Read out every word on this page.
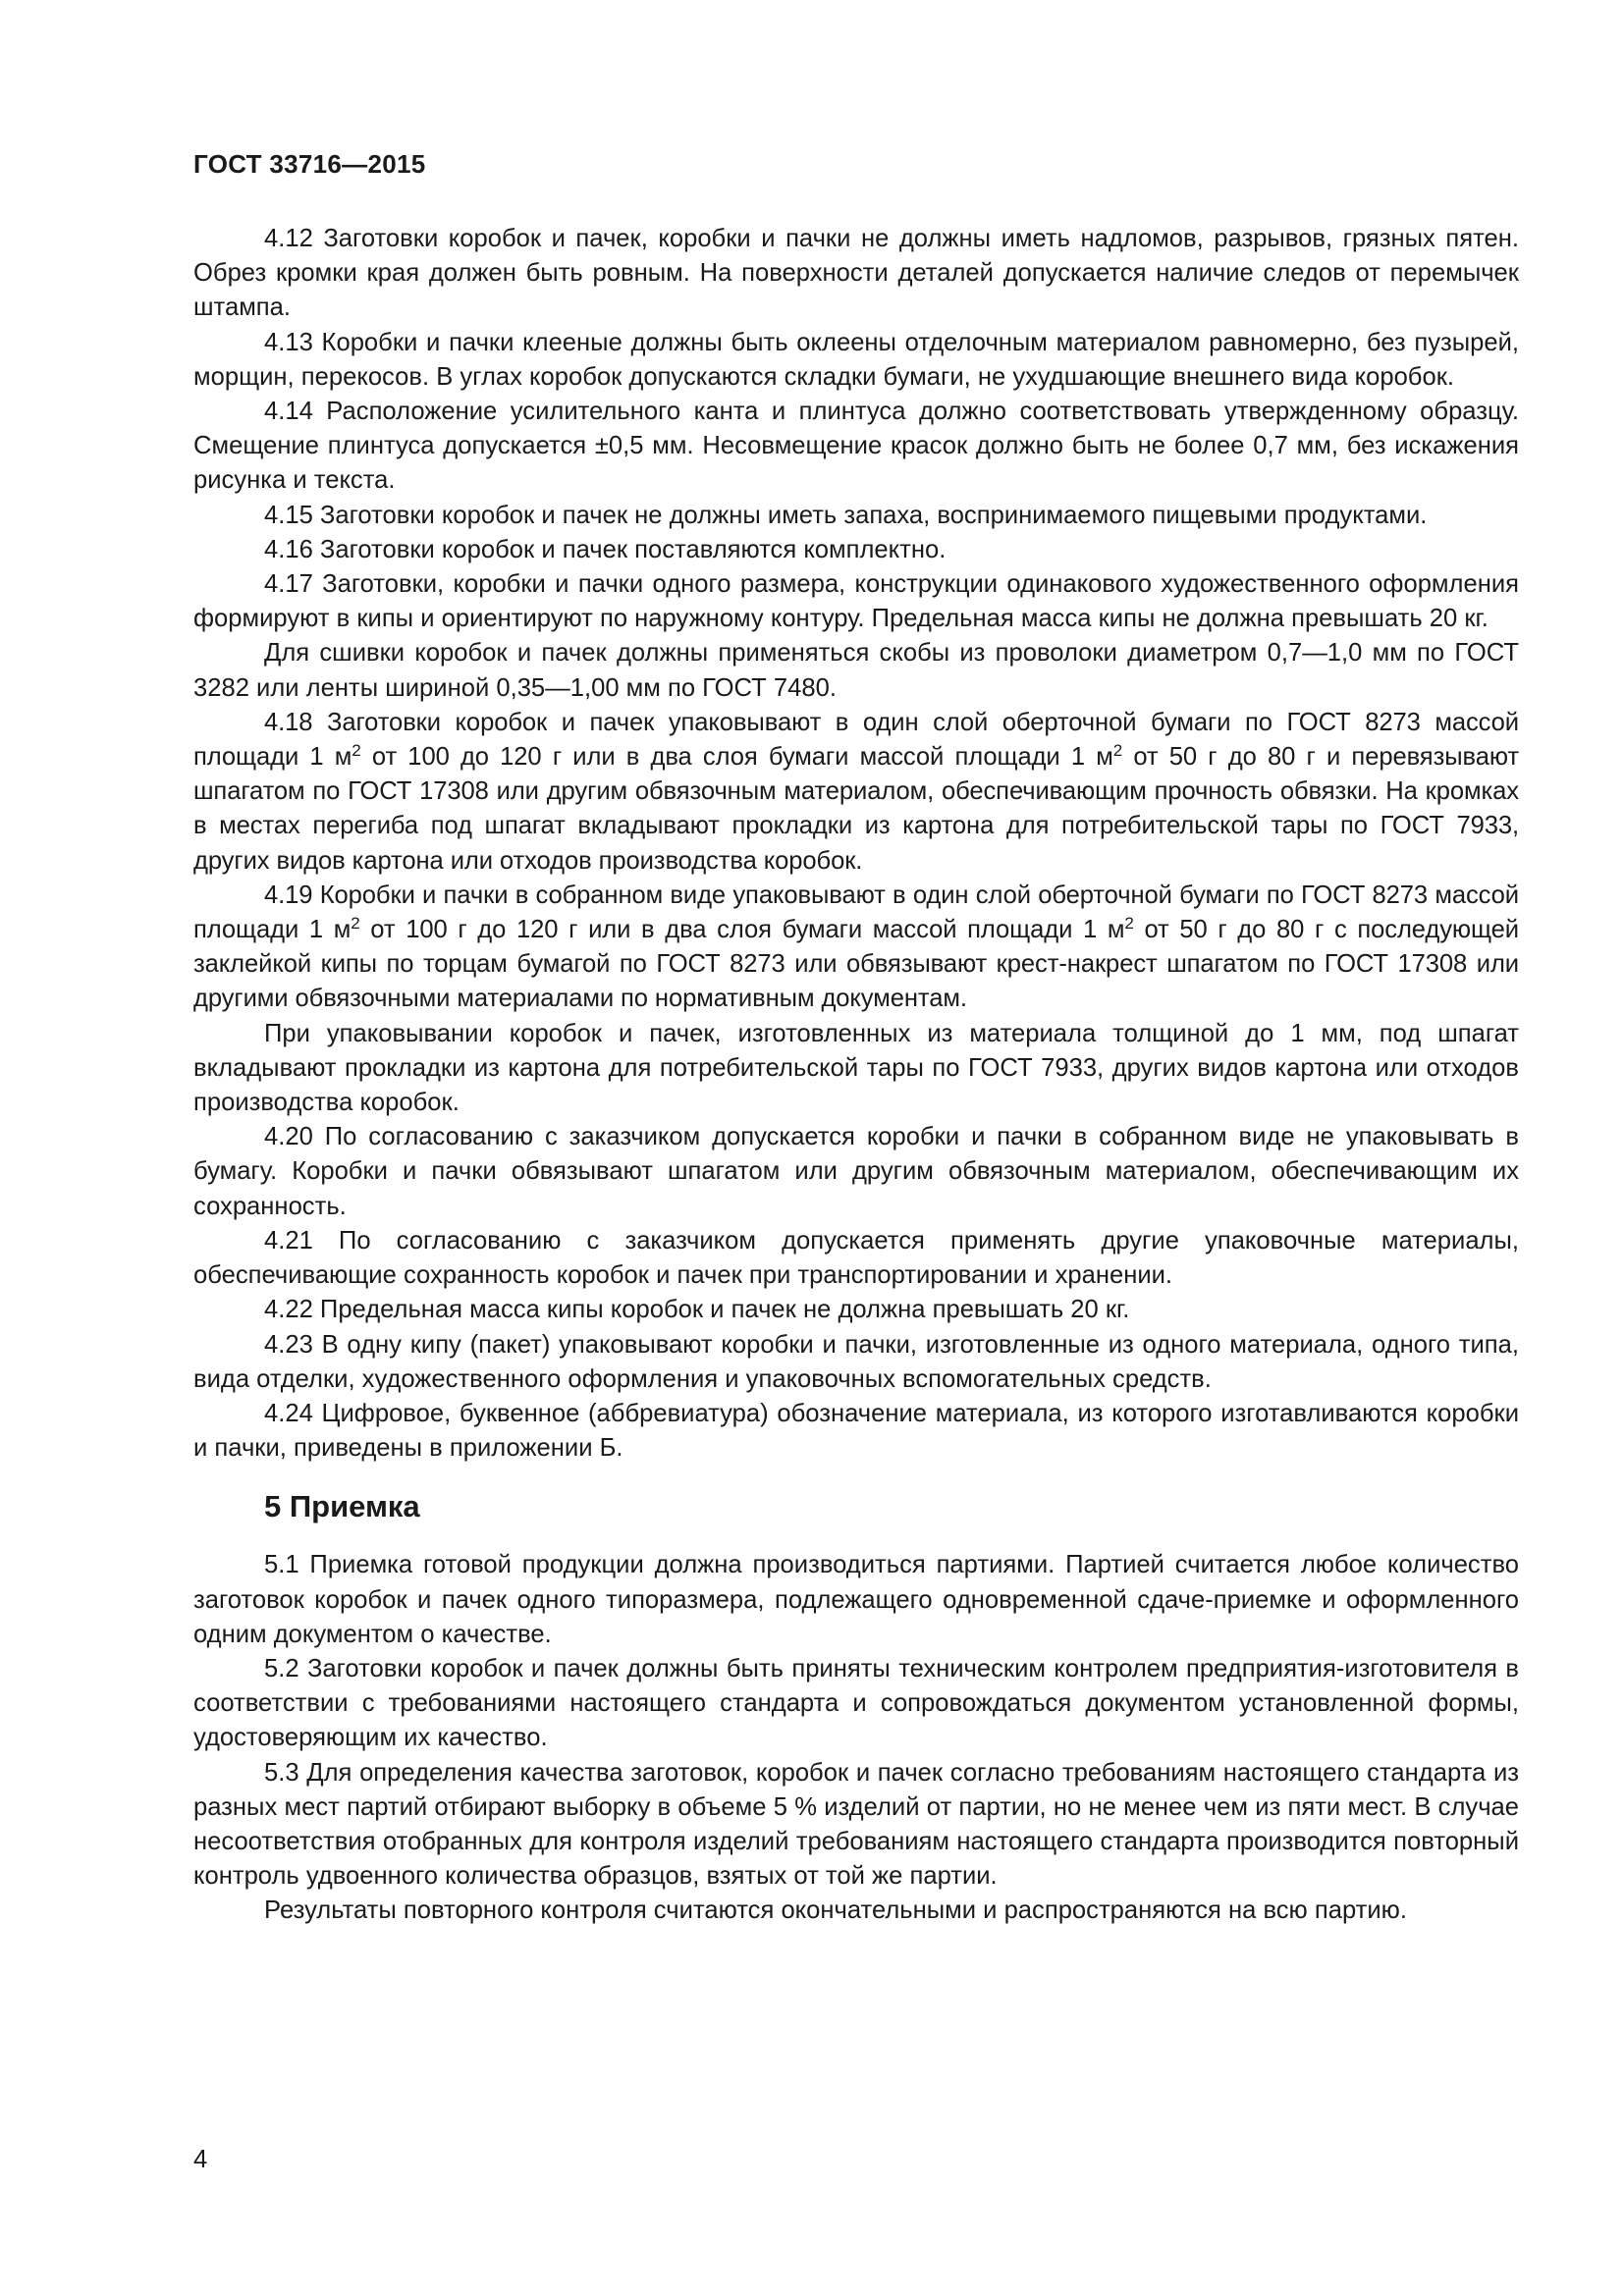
ГОСТ 33716—2015

4.12 Заготовки коробок и пачек, коробки и пачки не должны иметь надломов, разрывов, грязных пятен. Обрез кромки края должен быть ровным. На поверхности деталей допускается наличие следов от перемычек штампа.

4.13 Коробки и пачки клееные должны быть оклеены отделочным материалом равномерно, без пузырей, морщин, перекосов. В углах коробок допускаются складки бумаги, не ухудшающие внешнего вида коробок.

4.14 Расположение усилительного канта и плинтуса должно соответствовать утвержденному образцу. Смещение плинтуса допускается ±0,5 мм. Несовмещение красок должно быть не более 0,7 мм, без искажения рисунка и текста.

4.15 Заготовки коробок и пачек не должны иметь запаха, воспринимаемого пищевыми продуктами.

4.16 Заготовки коробок и пачек поставляются комплектно.

4.17 Заготовки, коробки и пачки одного размера, конструкции одинакового художественного оформления формируют в кипы и ориентируют по наружному контуру. Предельная масса кипы не должна превышать 20 кг.

Для сшивки коробок и пачек должны применяться скобы из проволоки диаметром 0,7—1,0 мм по ГОСТ 3282 или ленты шириной 0,35—1,00 мм по ГОСТ 7480.

4.18 Заготовки коробок и пачек упаковывают в один слой оберточной бумаги по ГОСТ 8273 массой площади 1 $м^2$ от 100 до 120 г или в два слоя бумаги массой площади 1 $м^2$ от 50 г до 80 г и перевязывают шпагатом по ГОСТ 17308 или другим обвязочным материалом, обеспечивающим прочность обвязки. На кромках в местах перегиба под шпагат вкладывают прокладки из картона для потребительской тары по ГОСТ 7933, других видов картона или отходов производства коробок.

4.19 Коробки и пачки в собранном виде упаковывают в один слой оберточной бумаги по ГОСТ 8273 массой площади 1 $м^2$ от 100 г до 120 г или в два слоя бумаги массой площади 1 $м^2$ от 50 г до 80 г с последующей заклейкой кипы по торцам бумагой по ГОСТ 8273 или обвязывают крест-накрест шпагатом по ГОСТ 17308 или другими обвязочными материалами по нормативным документам.

При упаковывании коробок и пачек, изготовленных из материала толщиной до 1 мм, под шпагат вкладывают прокладки из картона для потребительской тары по ГОСТ 7933, других видов картона или отходов производства коробок.

4.20 По согласованию с заказчиком допускается коробки и пачки в собранном виде не упаковывать в бумагу. Коробки и пачки обвязывают шпагатом или другим обвязочным материалом, обеспечивающим их сохранность.

4.21 По согласованию с заказчиком допускается применять другие упаковочные материалы, обеспечивающие сохранность коробок и пачек при транспортировании и хранении.

4.22 Предельная масса кипы коробок и пачек не должна превышать 20 кг.

4.23 В одну кипу (пакет) упаковывают коробки и пачки, изготовленные из одного материала, одного типа, вида отделки, художественного оформления и упаковочных вспомогательных средств.

4.24 Цифровое, буквенное (аббревиатура) обозначение материала, из которого изготавливаются коробки и пачки, приведены в приложении Б.

5 Приемка

5.1 Приемка готовой продукции должна производиться партиями. Партией считается любое количество заготовок коробок и пачек одного типоразмера, подлежащего одновременной сдаче-приемке и оформленного одним документом о качестве.

5.2 Заготовки коробок и пачек должны быть приняты техническим контролем предприятия-изготовителя в соответствии с требованиями настоящего стандарта и сопровождаться документом установленной формы, удостоверяющим их качество.

5.3 Для определения качества заготовок, коробок и пачек согласно требованиям настоящего стандарта из разных мест партий отбирают выборку в объеме 5 % изделий от партии, но не менее чем из пяти мест. В случае несоответствия отобранных для контроля изделий требованиям настоящего стандарта производится повторный контроль удвоенного количества образцов, взятых от той же партии.

Результаты повторного контроля считаются окончательными и распространяются на всю партию.

4
